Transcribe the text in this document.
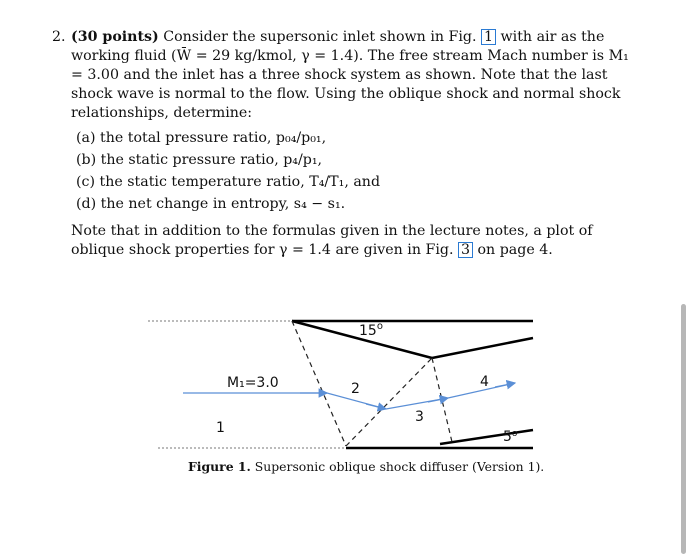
2. (30 points) Consider the supersonic inlet shown in Fig. 1 with air as the working fluid (W̄ = 29 kg/kmol, γ = 1.4). The free stream Mach number is M₁ = 3.00 and the inlet has a three shock system as shown. Note that the last shock wave is normal to the flow. Using the oblique shock and normal shock relationships, determine:
(a) the total pressure ratio, p₀₄/p₀₁,
(b) the static pressure ratio, p₄/p₁,
(c) the static temperature ratio, T₄/T₁, and
(d) the net change in entropy, s₄ − s₁.
Note that in addition to the formulas given in the lecture notes, a plot of oblique shock properties for γ = 1.4 are given in Fig. 3 on page 4.
15$^o$
5$^o$
M₁=3.0
1
2
3
4
Figure 1. Supersonic oblique shock diffuser (Version 1).
